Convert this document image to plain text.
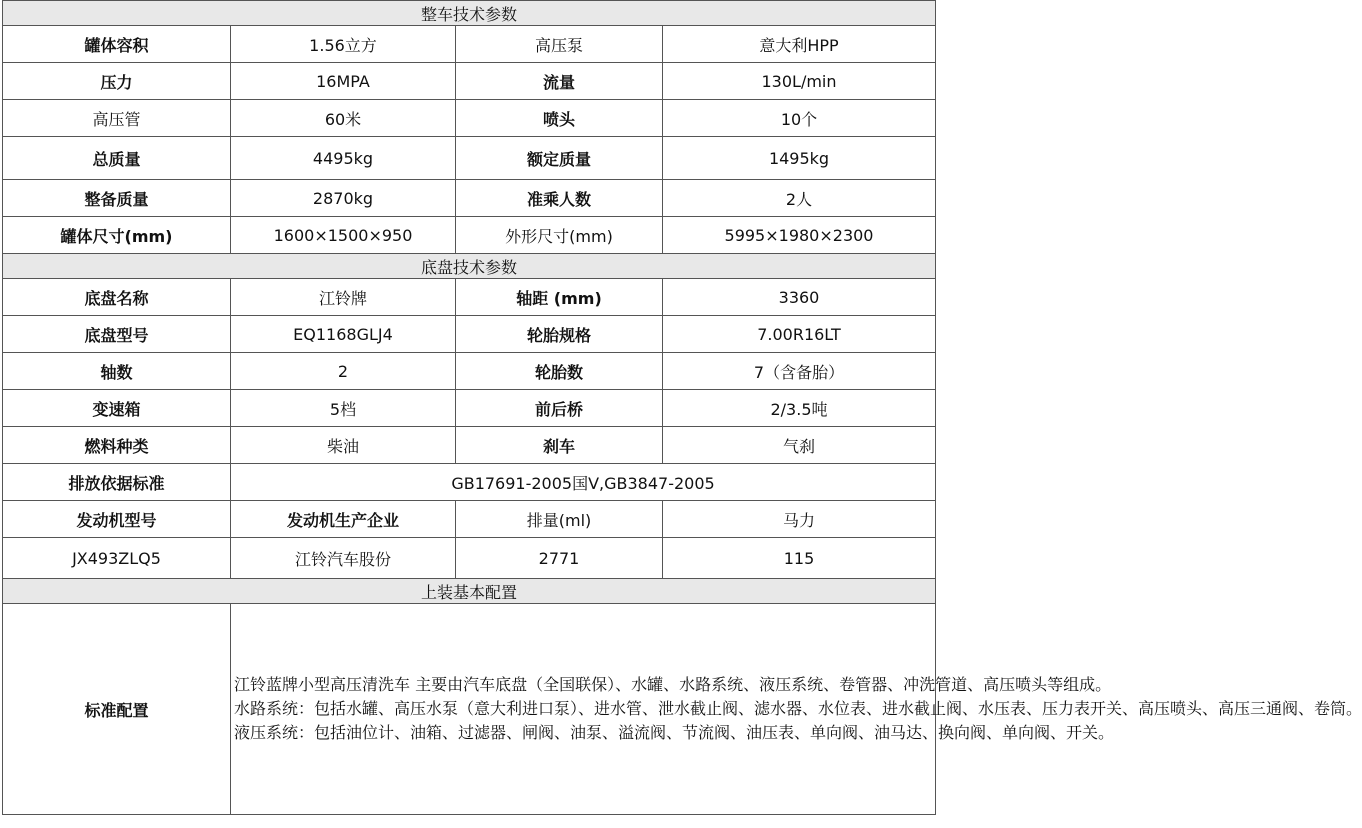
整车技术参数			
罐体容积	1.56立方	高压泵	意大利HPP
压力	16MPA	流量	130L/min
高压管	60米	喷头	10个
总质量	4495kg	额定质量	1495kg
整备质量	2870kg	准乘人数	2人
罐体尺寸(mm)	1600×1500×950	外形尺寸(mm)	5995×1980×2300
底盘技术参数			
底盘名称	江铃牌	轴距 (mm)	3360
底盘型号	EQ1168GLJ4	轮胎规格	7.00R16LT
轴数	2	轮胎数	7（含备胎）
变速箱	5档	前后桥	2/3.5吨
燃料种类	柴油	刹车	气刹
排放依据标准	GB17691-2005国Ⅴ,GB3847-2005		
发动机型号	发动机生产企业	排量(ml)	马力
JX493ZLQ5	江铃汽车股份	2771	115
上装基本配置			
标准配置	江铃蓝牌小型高压清洗车 主要由汽车底盘（全国联保）、水罐、水路系统、液压系统、卷管器、冲洗管道、高压喷头等组成。
水路系统：包括水罐、高压水泵（意大利进口泵）、进水管、泄水截止阀、滤水器、水位表、进水截止阀、水压表、压力表开关、高压喷头、高压三通阀、卷筒。
液压系统：包括油位计、油箱、过滤器、闸阀、油泵、溢流阀、节流阀、油压表、单向阀、油马达、换向阀、单向阀、开关。		
